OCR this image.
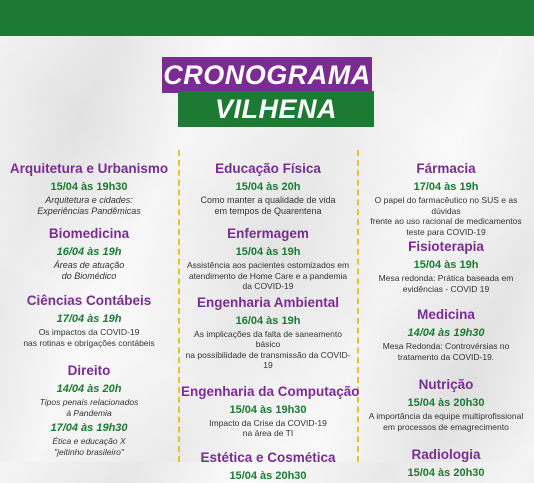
CRONOGRAMA
VILHENA
Arquitetura e Urbanismo
15/04 às 19h30
Arquitetura e cidades:
Experiências Pandêmicas
Biomedicina
16/04 às 19h
Áreas de atuação
do Biomédico
Ciências Contábeis
17/04 às 19h
Os impactos da COVID-19
nas rotinas e obrigações contábeis
Direito
14/04 às 20h
Tipos penais relacionados
à Pandemia
17/04 às 19h30
Ética e educação X
"jeitinho brasileiro"
Educação Física
15/04 às 20h
Como manter a qualidade de vida
em tempos de Quarentena
Enfermagem
15/04 às 19h
Assistência aos pacientes ostomizados em
atendimento de Home Care e a pandemia
da COVID-19
Engenharia Ambiental
16/04 às 19h
As implicações da falta de saneamento básico
na possibilidade de transmissão da COVID-19
Engenharia da Computação
15/04 às 19h30
Impacto da Crise da COVID-19
na área de TI
Estética e Cosmética
15/04 às 20h30
Fármacia
17/04 às 19h
O papel do farmacêutico no SUS e as dúvidas
frente ao uso racional de medicamentos
teste para COVID-19
Fisioterapia
15/04 às 19h
Mesa redonda: Prática baseada em
evidências - COVID 19
Medicina
14/04 às 19h30
Mesa Redonda: Controvérsias no
tratamento da COVID-19.
Nutrição
15/04 às 20h30
A importância da equipe multiprofissional
em processos de emagrecimento
Radiologia
15/04 às 20h30
